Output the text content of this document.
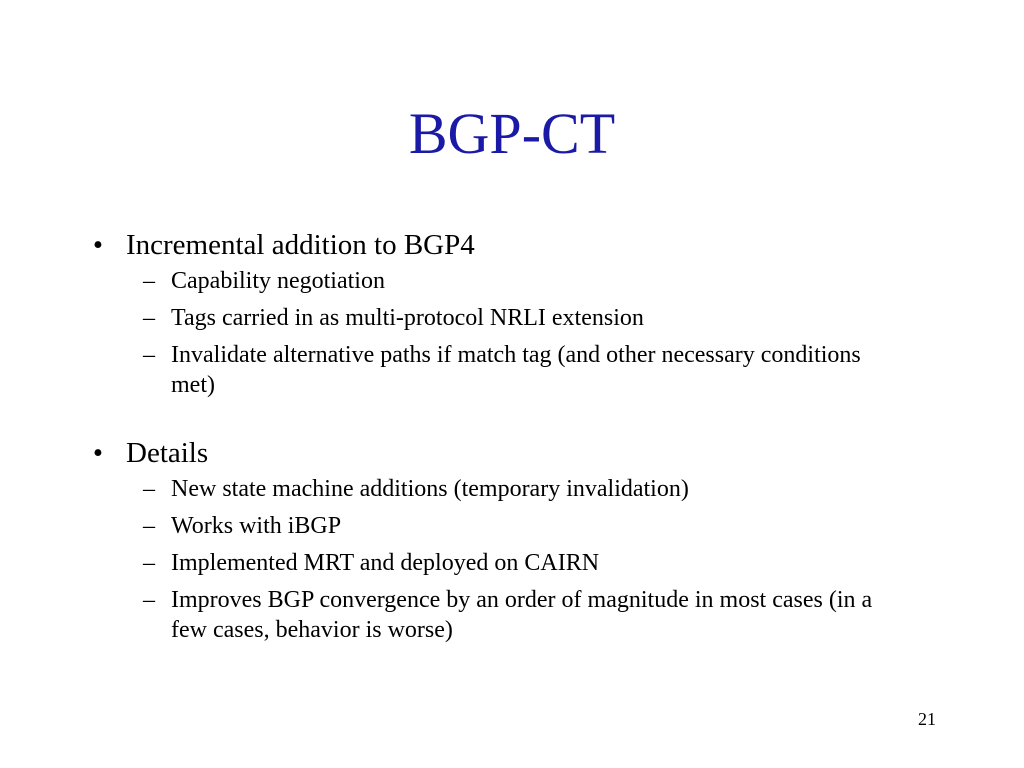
BGP-CT
• Incremental addition to BGP4
– Capability negotiation
– Tags carried in as multi-protocol NRLI extension
– Invalidate alternative paths if match tag (and other necessary conditions met)
• Details
– New state machine additions (temporary invalidation)
– Works with iBGP
– Implemented MRT and deployed on CAIRN
– Improves BGP convergence by an order of magnitude in most cases (in a few cases, behavior is worse)
21
